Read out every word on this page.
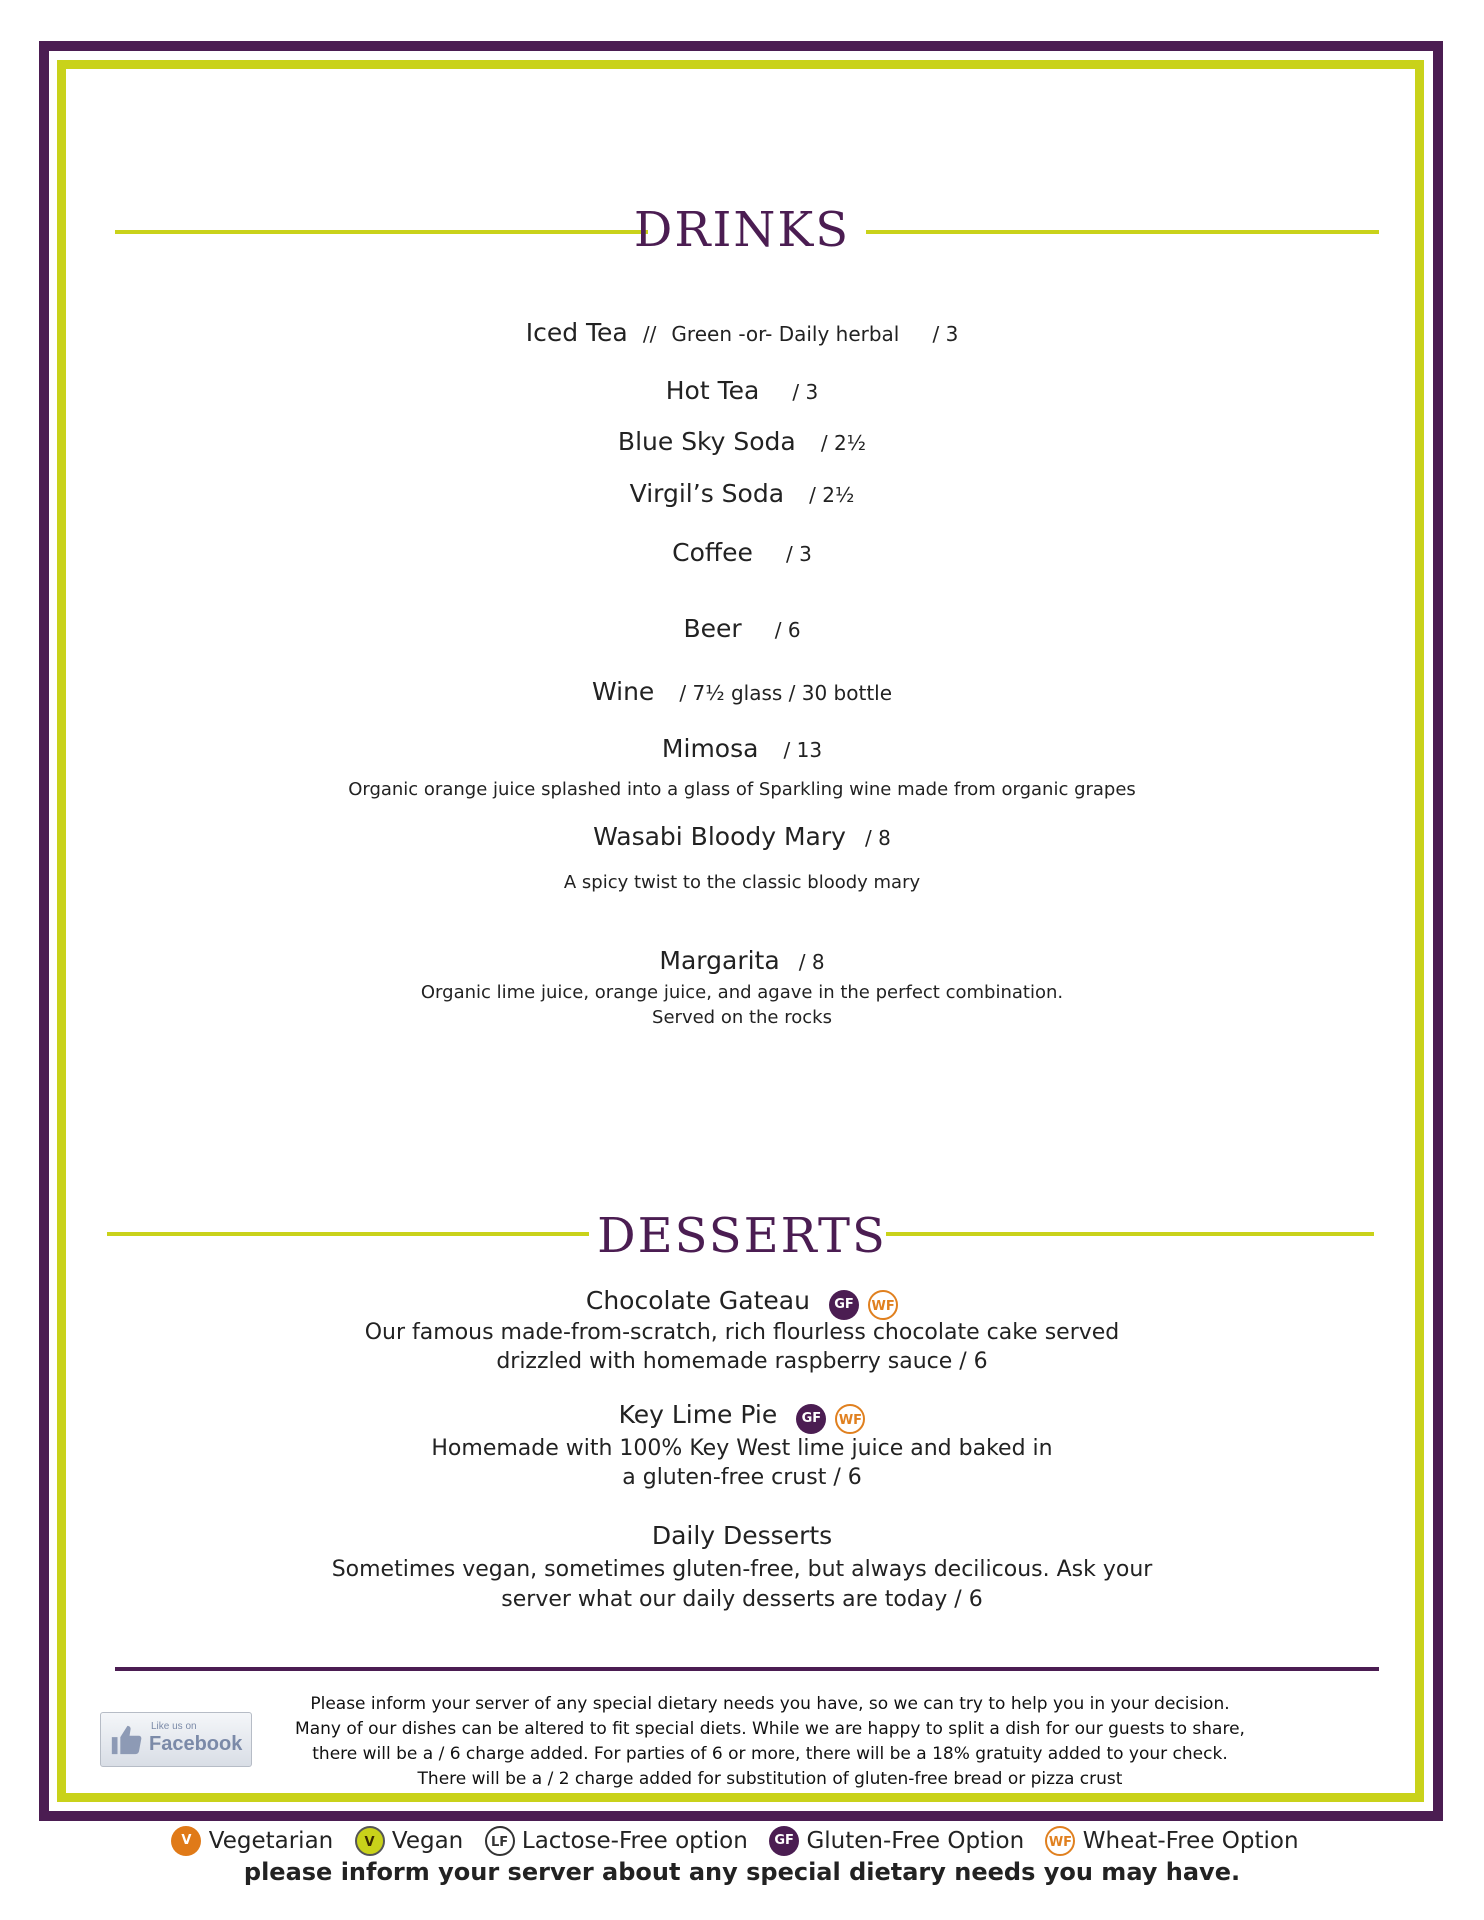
DRINKS
Iced Tea // Green -or- Daily herbal / 3
Hot Tea / 3
Blue Sky Soda / 2½
Virgil’s Soda / 2½
Coffee / 3
Beer / 6
Wine / 7½ glass / 30 bottle
Mimosa / 13
Organic orange juice splashed into a glass of Sparkling wine made from organic grapes
Wasabi Bloody Mary / 8
A spicy twist to the classic bloody mary
Margarita / 8
Organic lime juice, orange juice, and agave in the perfect combination.
Served on the rocks
DESSERTS
Chocolate Gateau GF WF
Our famous made-from-scratch, rich flourless chocolate cake served
drizzled with homemade raspberry sauce / 6
Key Lime Pie GF WF
Homemade with 100% Key West lime juice and baked in
a gluten-free crust / 6
Daily Desserts
Sometimes vegan, sometimes gluten-free, but always decilicous. Ask your
server what our daily desserts are today / 6
Like us on
Facebook
Please inform your server of any special dietary needs you have, so we can try to help you in your decision.
Many of our dishes can be altered to fit special diets. While we are happy to split a dish for our guests to share,
there will be a / 6 charge added. For parties of 6 or more, there will be a 18% gratuity added to your check.
There will be a / 2 charge added for substitution of gluten-free bread or pizza crust
V Vegetarian V Vegan LF Lactose-Free option GF Gluten-Free Option WF Wheat-Free Option
please inform your server about any special dietary needs you may have.
